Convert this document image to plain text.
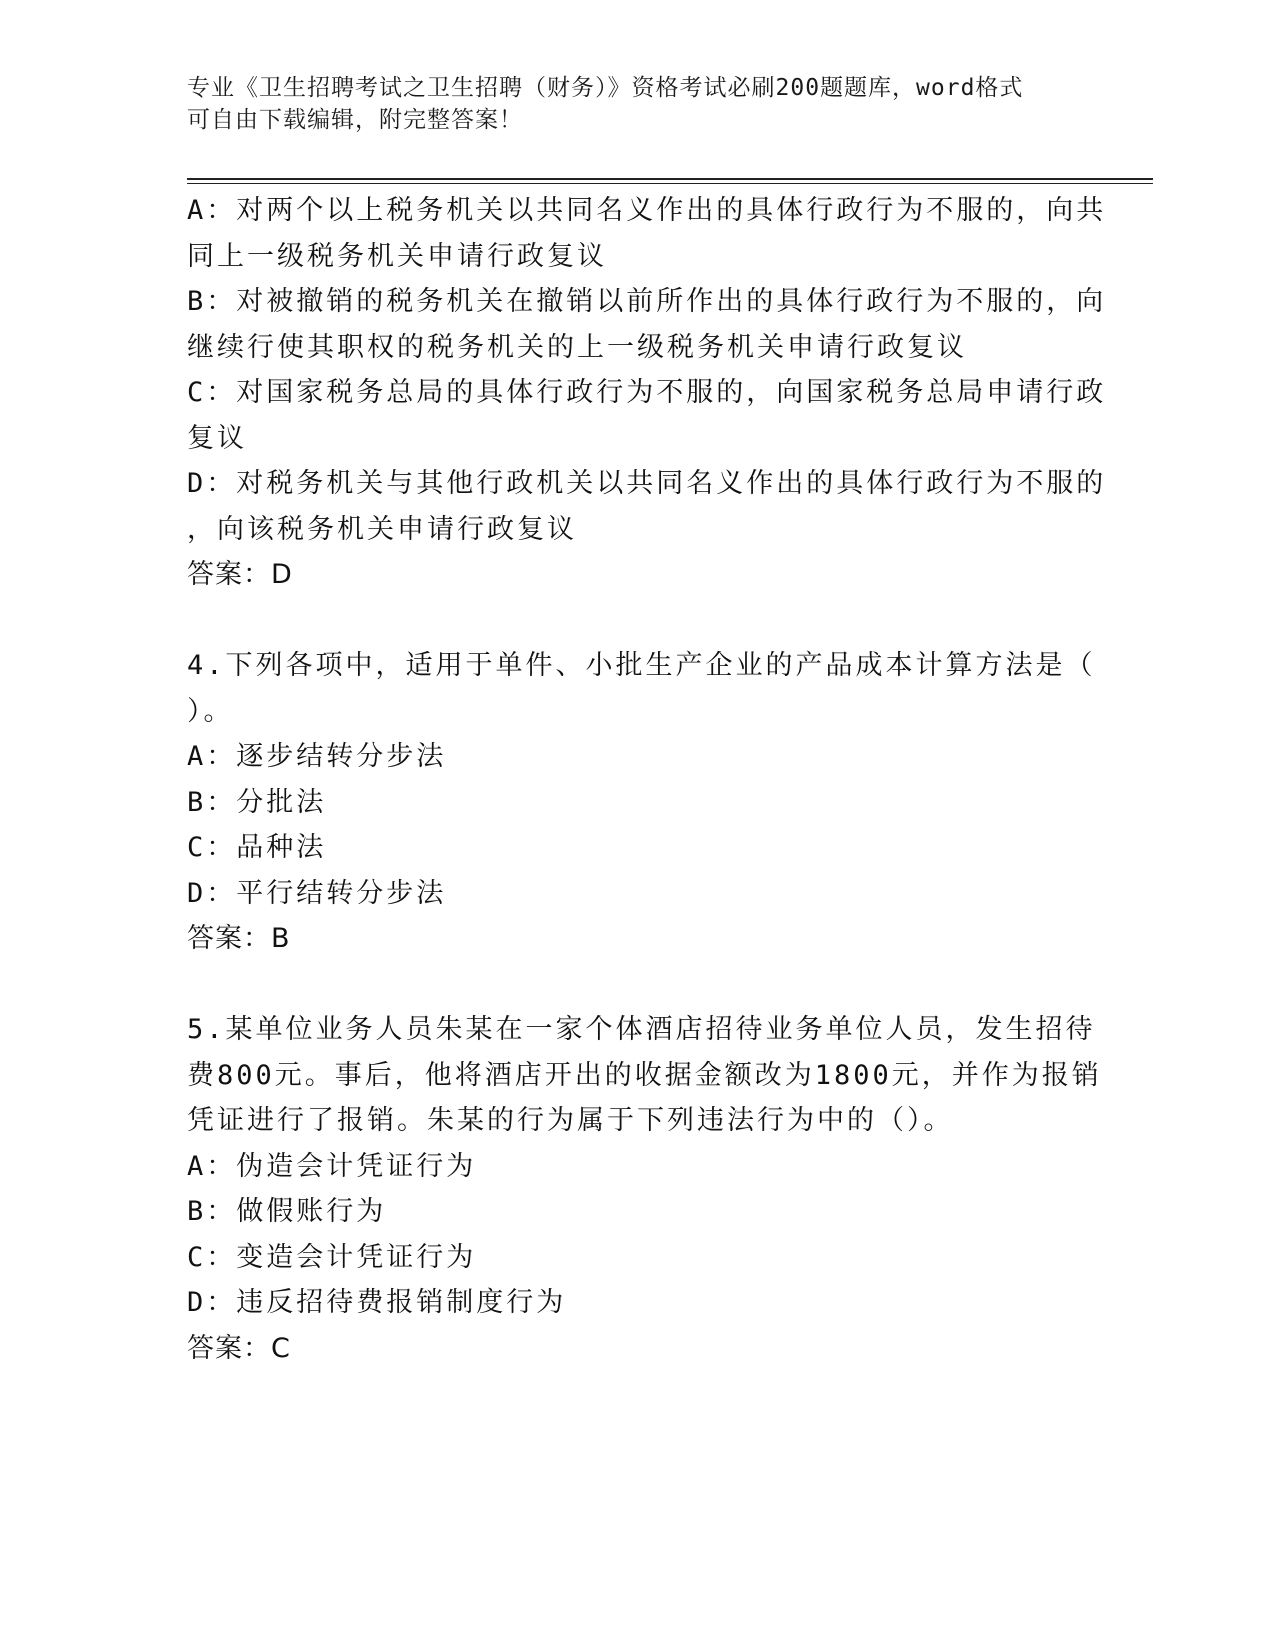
专业《卫生招聘考试之卫生招聘（财务）》资格考试必刷200题题库，word格式
可自由下载编辑，附完整答案！
A：对两个以上税务机关以共同名义作出的具体行政行为不服的，向共
同上一级税务机关申请行政复议
B：对被撤销的税务机关在撤销以前所作出的具体行政行为不服的，向
继续行使其职权的税务机关的上一级税务机关申请行政复议
C：对国家税务总局的具体行政行为不服的，向国家税务总局申请行政
复议
D：对税务机关与其他行政机关以共同名义作出的具体行政行为不服的
，向该税务机关申请行政复议
答案：D
4.下列各项中，适用于单件、小批生产企业的产品成本计算方法是（
）。
A：逐步结转分步法
B：分批法
C：品种法
D：平行结转分步法
答案：B
5.某单位业务人员朱某在一家个体酒店招待业务单位人员，发生招待
费800元。事后，他将酒店开出的收据金额改为1800元，并作为报销
凭证进行了报销。朱某的行为属于下列违法行为中的（）。
A：伪造会计凭证行为
B：做假账行为
C：变造会计凭证行为
D：违反招待费报销制度行为
答案：C
